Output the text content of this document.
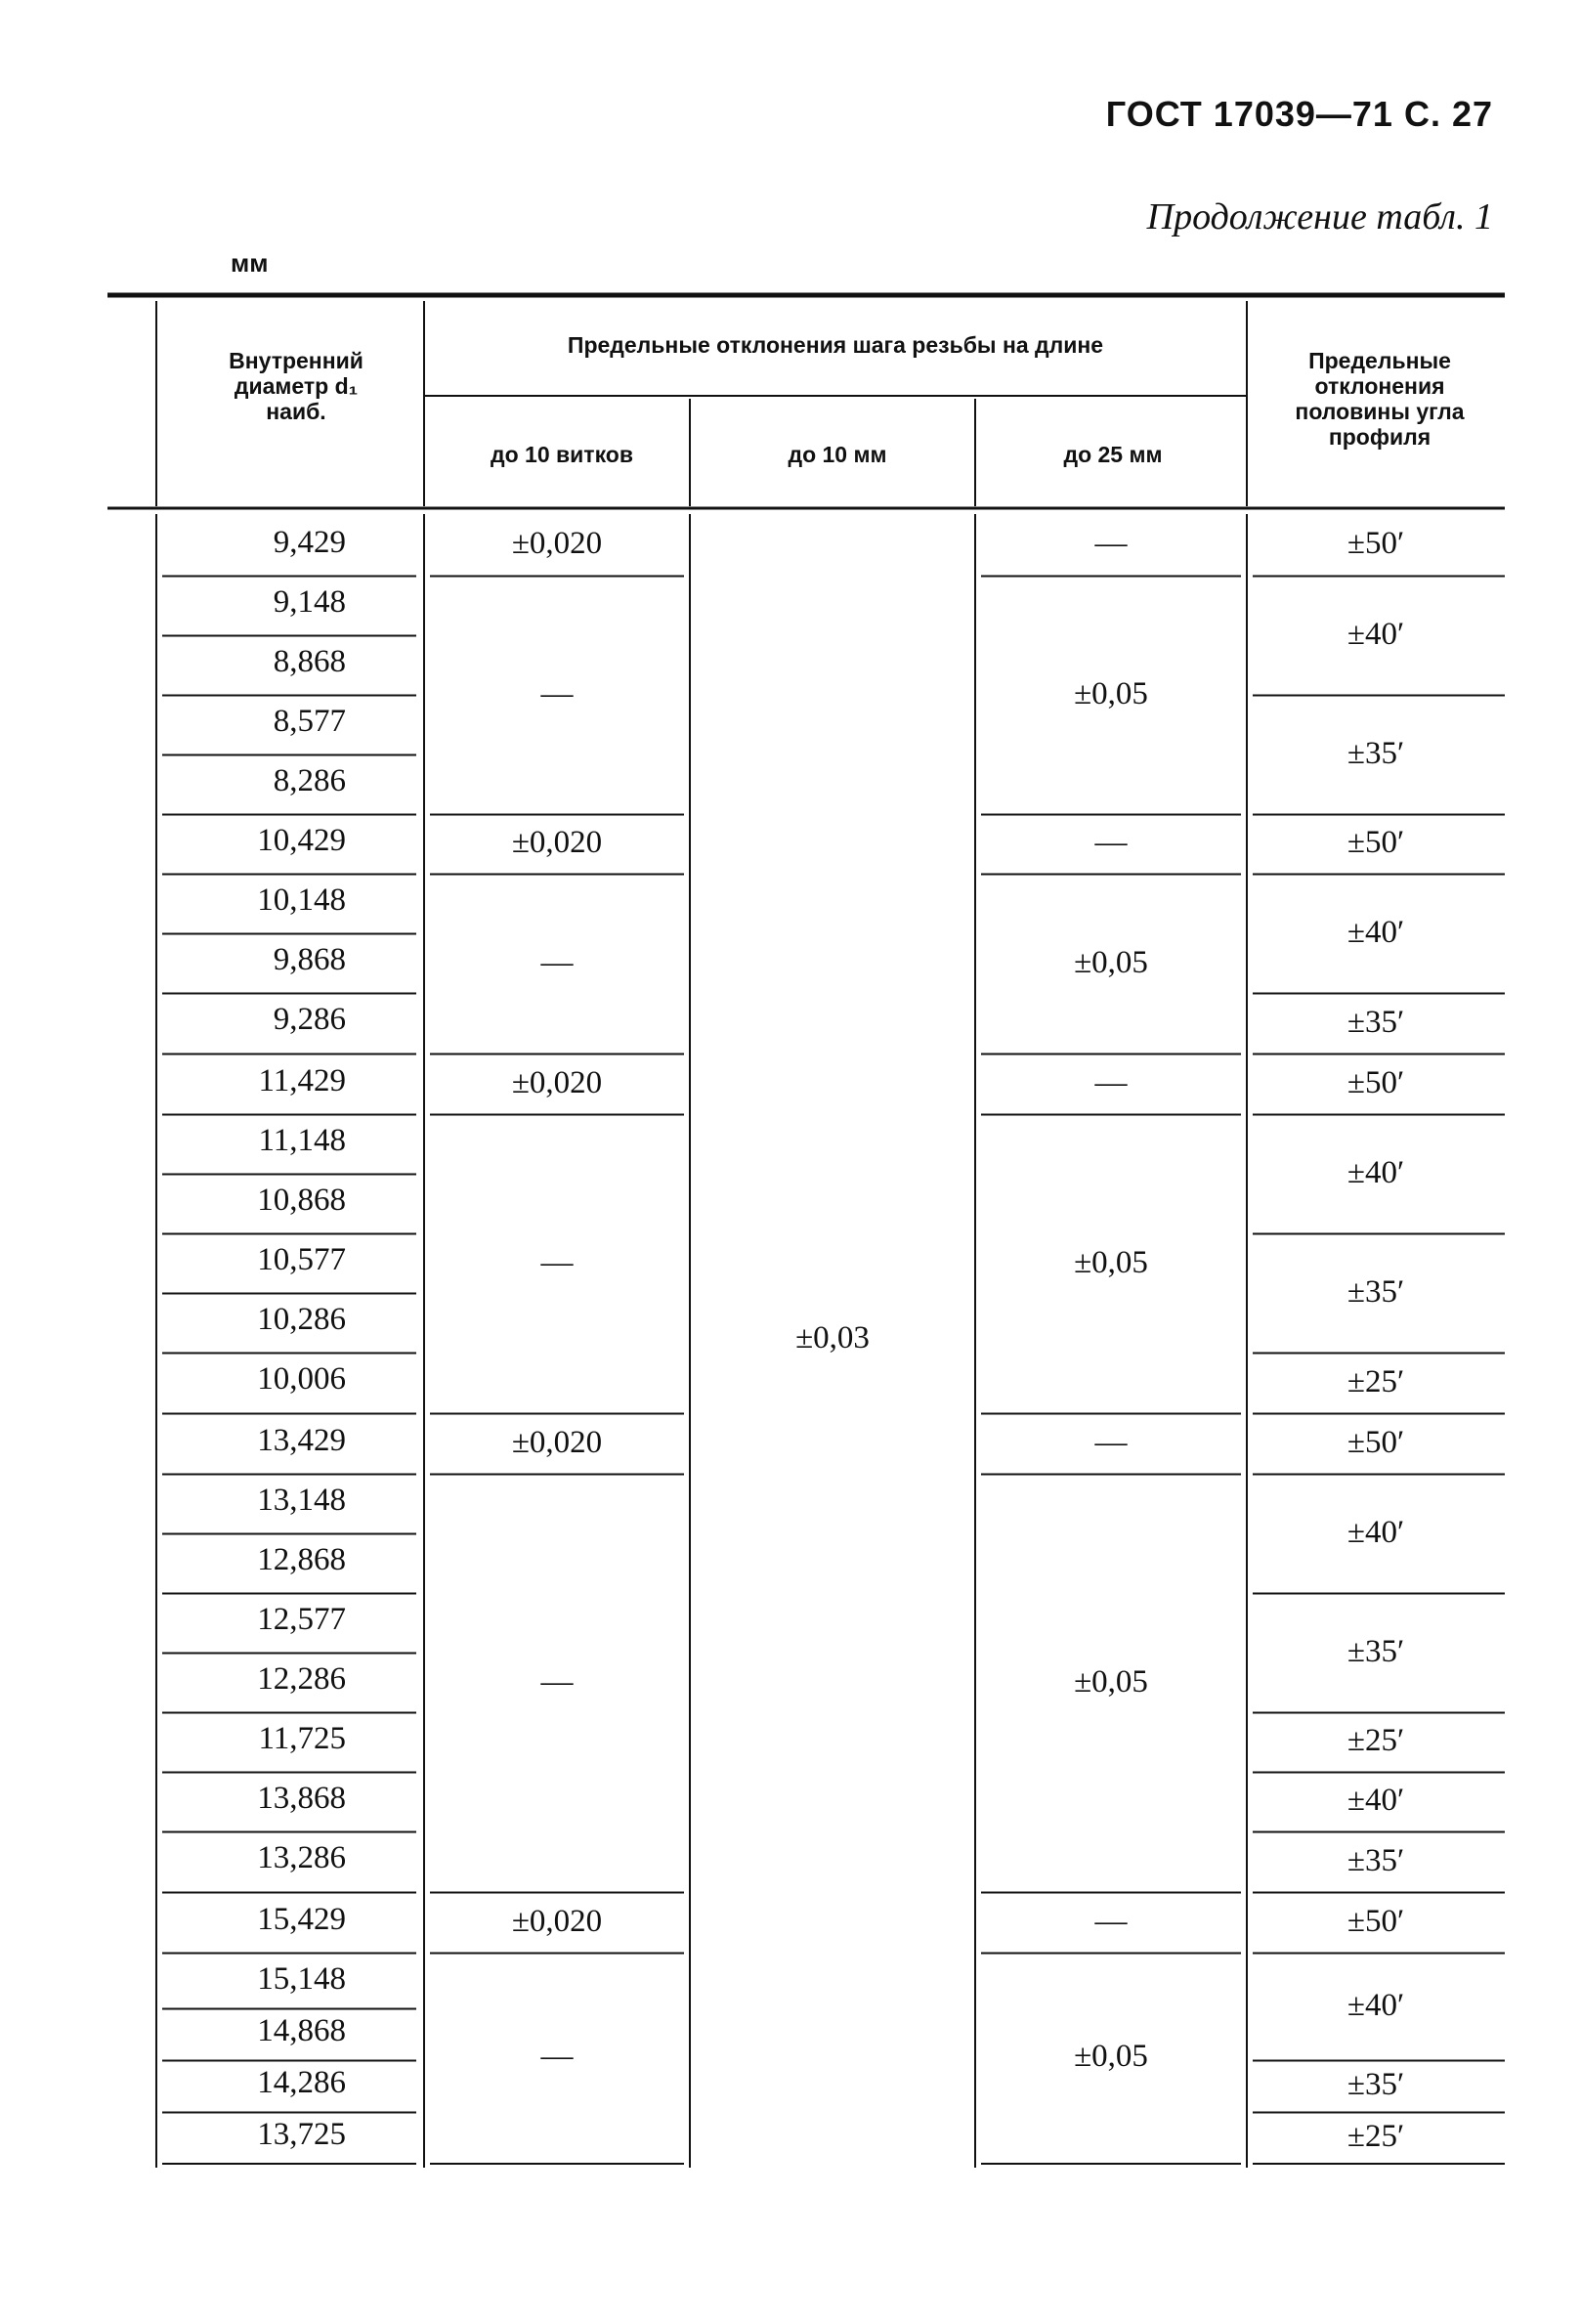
ГОСТ 17039—71 С. 27
Продолжение табл. 1
мм
Внутренний диаметр d₁ наиб.
Предельные отклонения шага резьбы на длине
до 10 витков	до 10 мм	до 25 мм
Предельные отклонения половины угла профиля
9,429
9,148
8,868
8,577
8,286
10,429
10,148
9,868
9,286
11,429
11,148
10,868
10,577
10,286
10,006
13,429
13,148
12,868
12,577
12,286
11,725
13,868
13,286
15,429
15,148
14,868
14,286
13,725
±0,020
—
±0,020
—
±0,020
—
±0,020
—
±0,020
—
±0,03
—
±0,05
—
±0,05
—
±0,05
—
±0,05
—
±0,05
±50′
±40′
±35′
±50′
±40′
±35′
±50′
±40′
±35′
±25′
±50′
±40′
±35′
±25′
±40′
±35′
±50′
±40′
±35′
±25′
